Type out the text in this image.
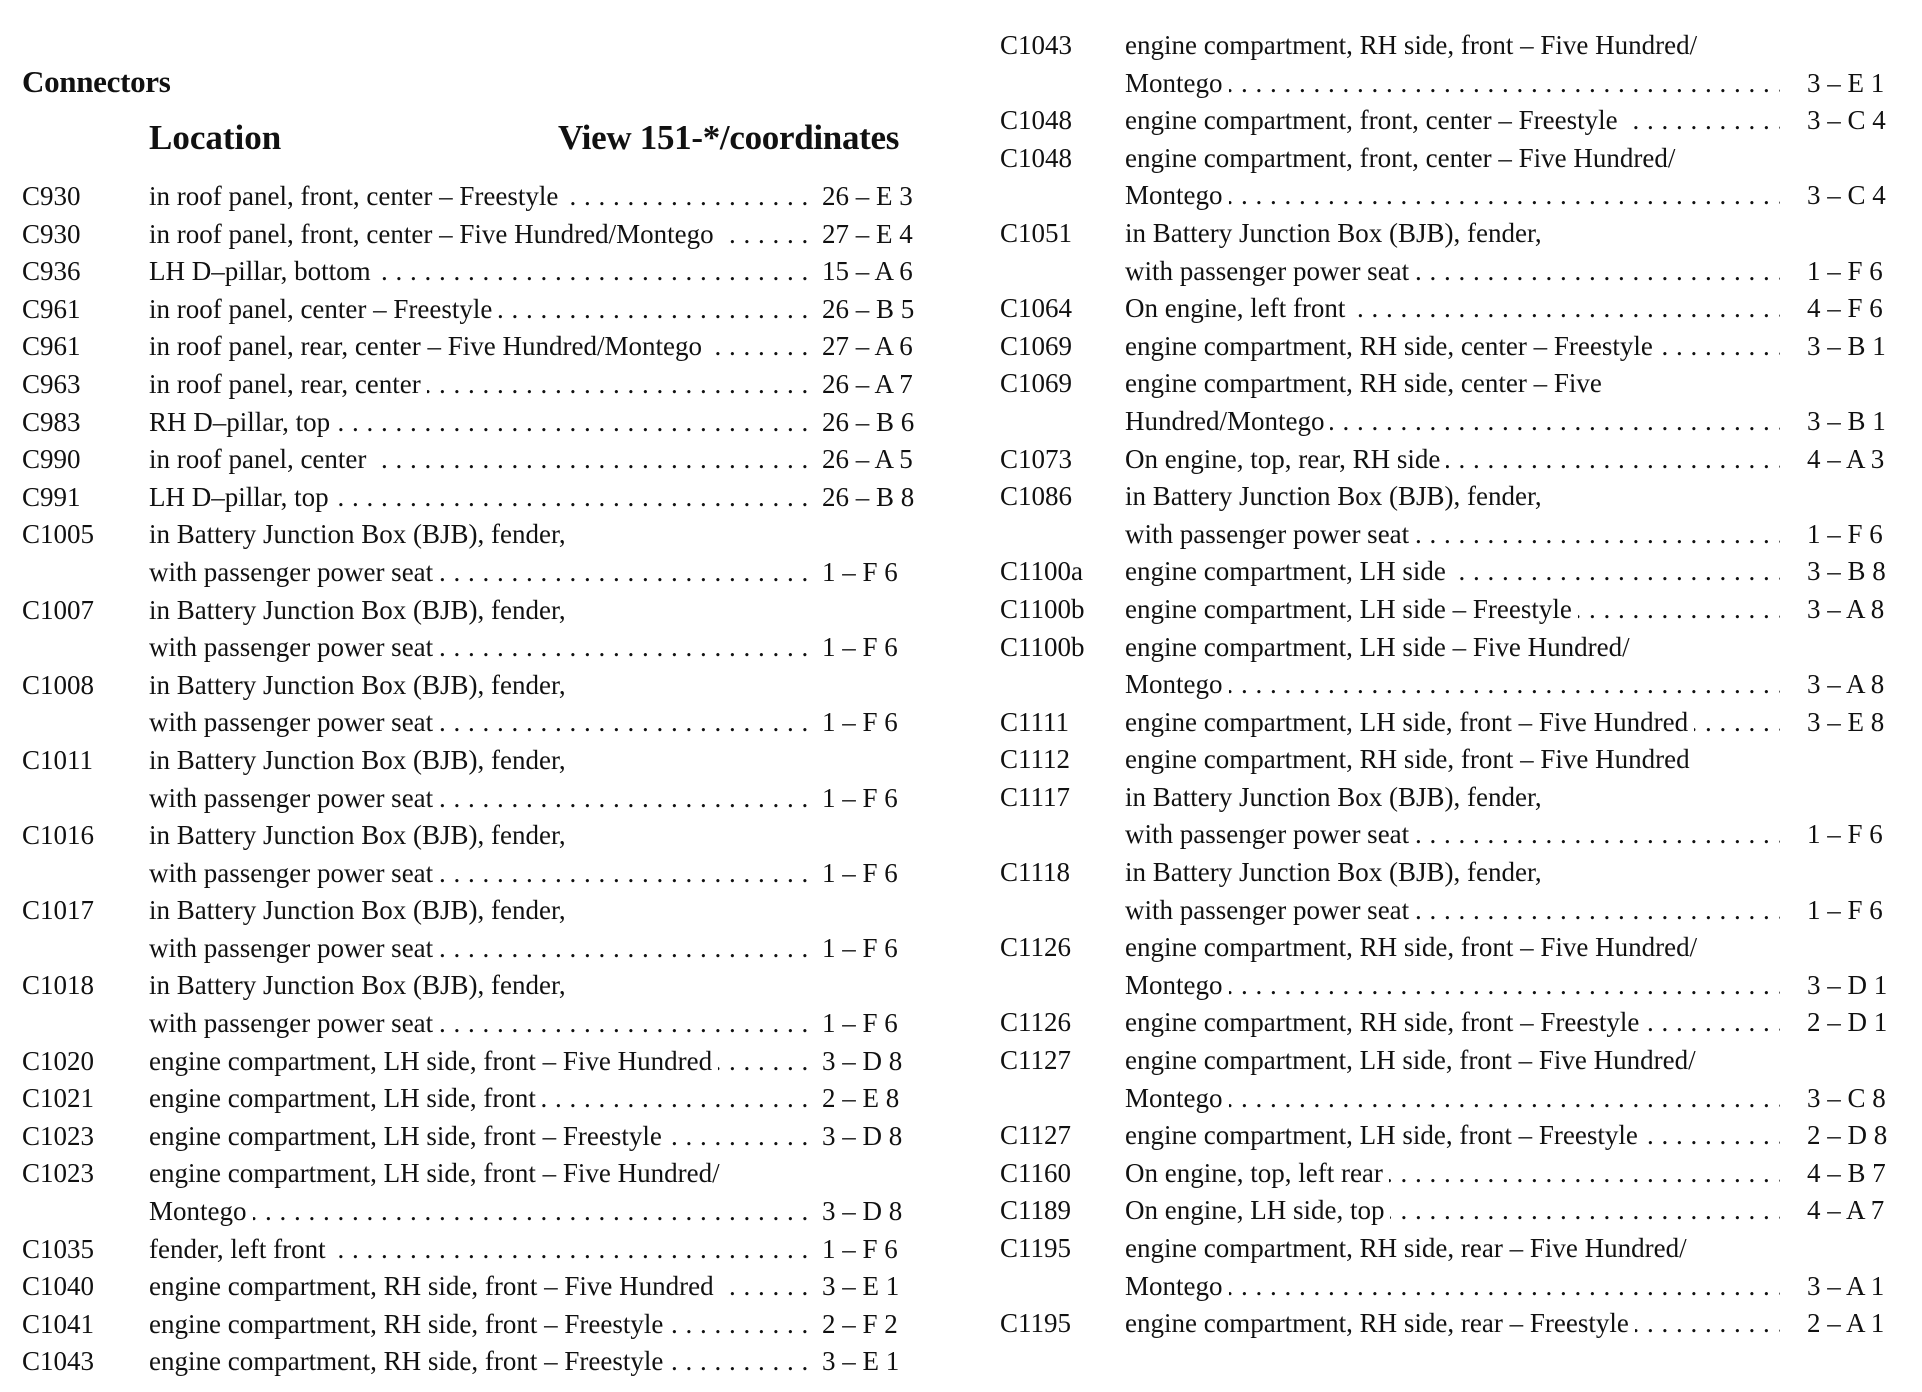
Connectors
Location	View 151-*/coordinates
C930	in roof panel, front, center – Freestyle . . .	26 – E 3
C930	in roof panel, front, center – Five Hundred/Montego . . .	27 – E 4
C936	LH D–pillar, bottom . . .	15 – A 6
C961	in roof panel, center – Freestyle . . .	26 – B 5
C961	in roof panel, rear, center – Five Hundred/Montego . . .	27 – A 6
C963	in roof panel, rear, center . . .	26 – A 7
C983	RH D–pillar, top . . .	26 – B 6
C990	in roof panel, center . . .	26 – A 5
C991	LH D–pillar, top . . .	26 – B 8
C1005 in Battery Junction Box (BJB), fender,
with passenger power seat . . .	1 – F 6
C1007 in Battery Junction Box (BJB), fender,
with passenger power seat . . .	1 – F 6
C1008 in Battery Junction Box (BJB), fender,
with passenger power seat . . .	1 – F 6
C1011 in Battery Junction Box (BJB), fender,
with passenger power seat . . .	1 – F 6
C1016 in Battery Junction Box (BJB), fender,
with passenger power seat . . .	1 – F 6
C1017 in Battery Junction Box (BJB), fender,
with passenger power seat . . .	1 – F 6
C1018 in Battery Junction Box (BJB), fender,
with passenger power seat . . .	1 – F 6
C1020 engine compartment, LH side, front – Five Hundred . . .	3 – D 8
C1021 engine compartment, LH side, front . . .	2 – E 8
C1023 engine compartment, LH side, front – Freestyle . . .	3 – D 8
C1023 engine compartment, LH side, front – Five Hundred/
Montego . . .	3 – D 8
C1035 fender, left front . . .	1 – F 6
C1040 engine compartment, RH side, front – Five Hundred . . .	3 – E 1
C1041 engine compartment, RH side, front – Freestyle . . .	2 – F 2
C1043 engine compartment, RH side, front – Freestyle . . .	3 – E 1
C1043 engine compartment, RH side, front – Five Hundred/
Montego . . .	3 – E 1
C1048 engine compartment, front, center – Freestyle . . .	3 – C 4
C1048 engine compartment, front, center – Five Hundred/
Montego . . .	3 – C 4
C1051 in Battery Junction Box (BJB), fender,
with passenger power seat . . .	1 – F 6
C1064 On engine, left front . . .	4 – F 6
C1069 engine compartment, RH side, center – Freestyle . . .	3 – B 1
C1069 engine compartment, RH side, center – Five
Hundred/Montego . . .	3 – B 1
C1073 On engine, top, rear, RH side . . .	4 – A 3
C1086 in Battery Junction Box (BJB), fender,
with passenger power seat . . .	1 – F 6
C1100a engine compartment, LH side . . .	3 – B 8
C1100b engine compartment, LH side – Freestyle . . .	3 – A 8
C1100b engine compartment, LH side – Five Hundred/
Montego . . .	3 – A 8
C1111 engine compartment, LH side, front – Five Hundred . . .	3 – E 8
C1112 engine compartment, RH side, front – Five Hundred
C1117 in Battery Junction Box (BJB), fender,
with passenger power seat . . .	1 – F 6
C1118 in Battery Junction Box (BJB), fender,
with passenger power seat . . .	1 – F 6
C1126 engine compartment, RH side, front – Five Hundred/
Montego . . .	3 – D 1
C1126 engine compartment, RH side, front – Freestyle . . .	2 – D 1
C1127 engine compartment, LH side, front – Five Hundred/
Montego . . .	3 – C 8
C1127 engine compartment, LH side, front – Freestyle . . .	2 – D 8
C1160 On engine, top, left rear . . .	4 – B 7
C1189 On engine, LH side, top . . .	4 – A 7
C1195 engine compartment, RH side, rear – Five Hundred/
Montego . . .	3 – A 1
C1195 engine compartment, RH side, rear – Freestyle . . .	2 – A 1
